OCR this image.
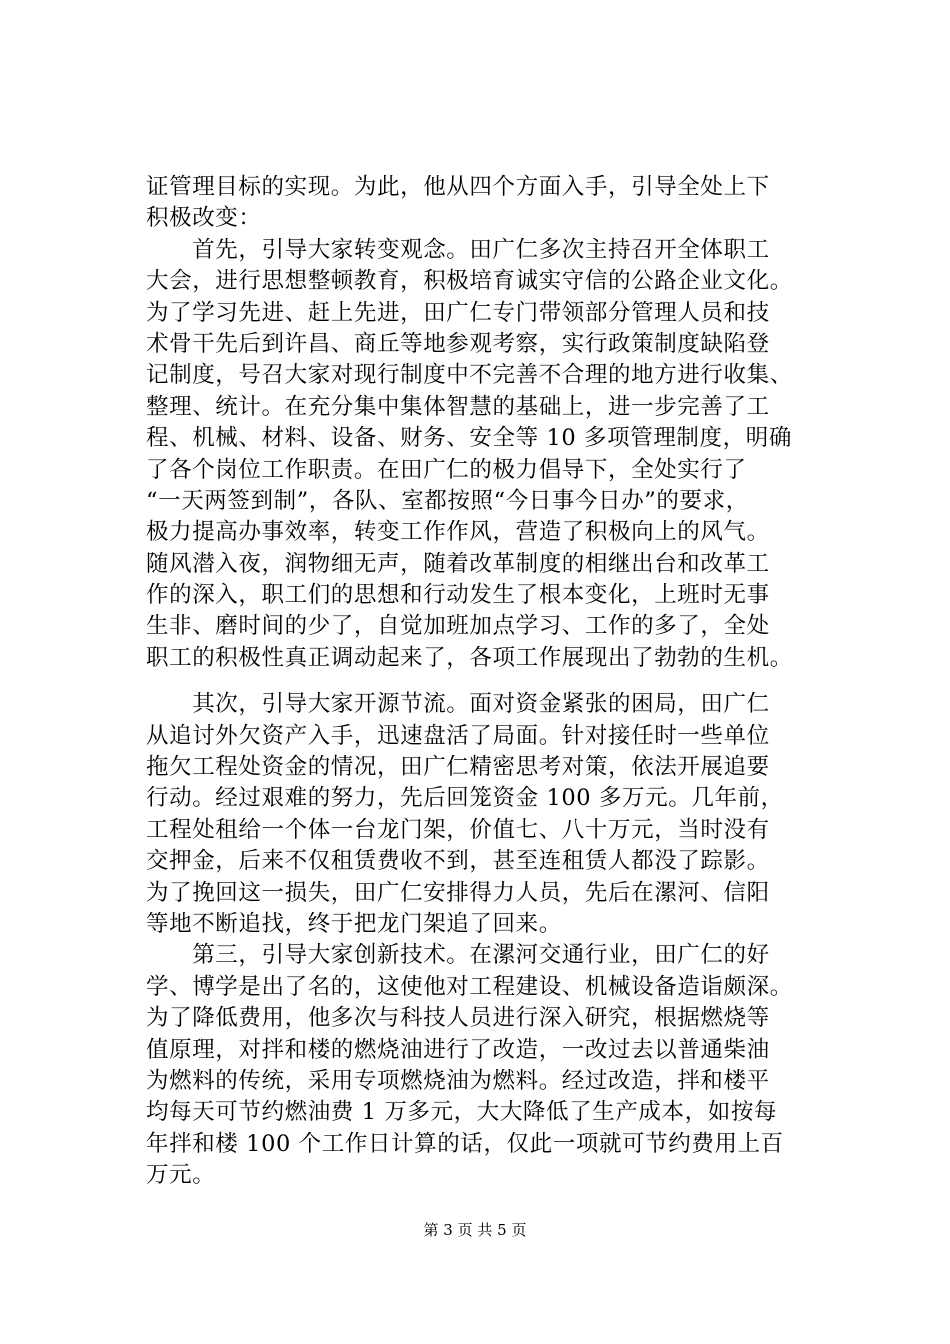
证管理目标的实现。为此，他从四个方面入手，引导全处上下
积极改变：
　　首先，引导大家转变观念。田广仁多次主持召开全体职工
大会，进行思想整顿教育，积极培育诚实守信的公路企业文化。
为了学习先进、赶上先进，田广仁专门带领部分管理人员和技
术骨干先后到许昌、商丘等地参观考察，实行政策制度缺陷登
记制度，号召大家对现行制度中不完善不合理的地方进行收集、
整理、统计。在充分集中集体智慧的基础上，进一步完善了工
程、机械、材料、设备、财务、安全等 10 多项管理制度，明确
了各个岗位工作职责。在田广仁的极力倡导下，全处实行了
“一天两签到制”，各队、室都按照“今日事今日办”的要求，
极力提高办事效率，转变工作作风，营造了积极向上的风气。
随风潜入夜，润物细无声，随着改革制度的相继出台和改革工
作的深入，职工们的思想和行动发生了根本变化，上班时无事
生非、磨时间的少了，自觉加班加点学习、工作的多了，全处
职工的积极性真正调动起来了，各项工作展现出了勃勃的生机。
　　其次，引导大家开源节流。面对资金紧张的困局，田广仁
从追讨外欠资产入手，迅速盘活了局面。针对接任时一些单位
拖欠工程处资金的情况，田广仁精密思考对策，依法开展追要
行动。经过艰难的努力，先后回笼资金 100 多万元。几年前，
工程处租给一个体一台龙门架，价值七、八十万元，当时没有
交押金，后来不仅租赁费收不到，甚至连租赁人都没了踪影。
为了挽回这一损失，田广仁安排得力人员，先后在漯河、信阳
等地不断追找，终于把龙门架追了回来。
　　第三，引导大家创新技术。在漯河交通行业，田广仁的好
学、博学是出了名的，这使他对工程建设、机械设备造诣颇深。
为了降低费用，他多次与科技人员进行深入研究，根据燃烧等
值原理，对拌和楼的燃烧油进行了改造，一改过去以普通柴油
为燃料的传统，采用专项燃烧油为燃料。经过改造，拌和楼平
均每天可节约燃油费 1 万多元，大大降低了生产成本，如按每
年拌和楼 100 个工作日计算的话，仅此一项就可节约费用上百
万元。
第 3 页 共 5 页
